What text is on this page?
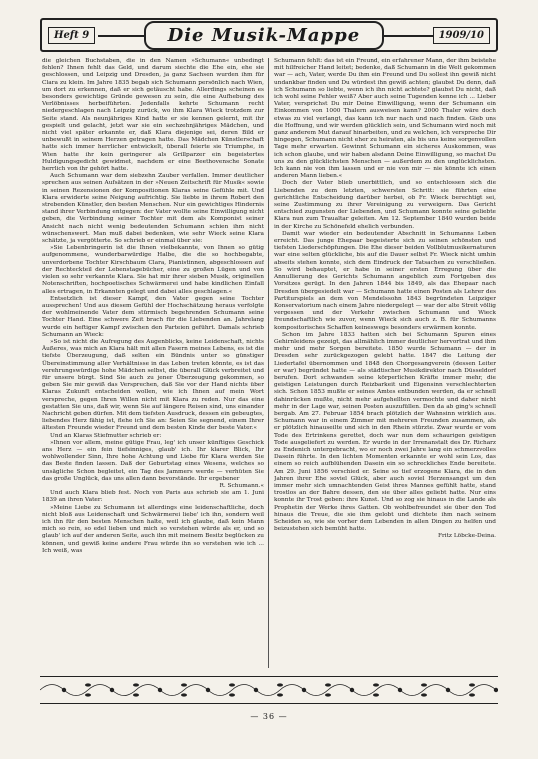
Heft 9	Die Musik-Mappe	1909/10

die gleichen Buchstaben, die in den Namen »Schumann« unbedingt fehlen? Ihnen fehlt das Geld, und darum siechte die Ehe ein, ehe sie geschlossen, und Leipzig und Dresden, ja ganz Sachsen wurden ihm für Clara zu klein. Im Jahre 1835 begab sich Schumann persönlich nach Wien, um dort zu erkennen, daß er sich getäuscht habe. Allerdings scheinen es besonders gewichtige Gründe gewesen zu sein, die eine Aufhebung des Verlöbnisses herbeiführten. Jedenfalls kehrte Schumann recht niedergeschlagen nach Leipzig zurück, wo ihm Klara Wieck trotzdem zur Seite stand. Als neunjähriges Kind hatte er sie kennen gelernt, mit ihr gespielt und gelacht, jetzt war sie ein sechzehnjähriges Mädchen, und nicht viel später erkannte er, daß Klara diejenige sei, deren Bild er unbewußt in seinem Herzen getragen hatte. Das Mädchen Künstlerschaft hatte sich immer herrlicher entwickelt, überall feierte sie Triumphe, in Wien hatte ihr kein geringerer als Grillparzer ein begeistertes Huldigungsgedicht gewidmet, nachdem er eine Beethovensche Sonate herrlich von ihr gehört hatte.

Auch Schumann war dem siebzehn Zauber verfallen. Immer deutlicher sprechen aus seinen Aufsätzen in der »Neuen Zeitschrift für Musik« sowie in seinen Rezensionen der Kompositionen Klaras seine Gefühle mit. Und Klara erwiderte seine Neigung aufrichtig. Sie liebte in ihrem Robert den strebenden Künstler, den besten Menschen. Nur ein gewichtiges Hindernis stand ihrer Verbindung entgegen: der Vater wollte seine Einwilligung nicht geben, die Verbindung seiner Tochter mit dem als Komponist seiner Ansicht nach nicht wenig bedeutenden Schumann schien ihm nicht wünschenswert. Man muß dabei bedenken, wie sehr Wieck seine Klara schätzte, ja vergötterte. So schrieb er einmal über sie:

»Sie Lebenbringerin ist die Ihnen vielbekannte, von Ihnen so gütig aufgenommene, wunderbarwürdige Halbe, die die so hochbegabte, unverdorbene Tochter Kirschbaum Clara, Pianistinnen, abgeschlossen auf der Rechteckteil der Lebenstagebücher, eine zu großen Lügen und von vielen so sehr verkannte Klara. Sie hat mir ihrer sieben Musik, originellen Notenschriften, hochpoetisches Schwärmerei und habe kindlichen Einfall alles ertragen, in Erkannten gelegt und dabei alles geschlagen.«

Entsetzlich ist dieser Kampf, den Vater gegen seine Tochter aussprechen! Und aus diesem Gefühl der Hochschätzung heraus verfolgte der wohlmeinende Vater dem stürmisch begehrenden Schumann seine Tochter Hand. Eine schwere Zeit brach für die Liebenden an. Jahrelang wurde ein heftiger Kampf zwischen den Parteien geführt. Damals schrieb Schumann an Wieck:

»So ist nicht die Aufregung des Augenblicks, keine Leidenschaft, nichts Äußeres, was mich an Klara hält mit allen Fasern meines Lebens, es ist die tiefste Überzeugung, daß selten ein Bündnis unter so günstiger Übereinstimmung aller Verhältnisse in das Leben treten könnte, es ist das verehrungswürdige hohe Mädchen selbst, die überall Glück verbreitet und für unsere bürgt. Sind Sie auch zu jener Überzeugung gekommen, so geben Sie mir gewiß das Versprechen, daß Sie vor der Hand nichts über Klaras Zukunft entscheiden wollen, wie ich Ihnen auf mein Wort verspreche, gegen Ihren Willen nicht mit Klara zu reden. Nur das eine gestatten Sie uns, daß wir, wenn Sie auf längere Reisen sind, uns einander Nachricht geben dürfen. Mit dem tiefsten Ausdruck, dessen ein gebeugtes, liebendes Herz fähig ist, flehe ich Sie an: Seien Sie segnend, einem Ihrer ältesten Freunde wieder Freund und dem besten Kinde der beste Vater.«

Und an Klaras Stiefmutter schrieb er:

»Ihnen vor allem, meine gütige Frau, leg' ich unser künftiges Geschick ans Herz — ein fein tiefsinniges, glaub' ich. Ihr klarer Blick, Ihr wohlwollender Sinn, Ihre hohe Achtung und Liebe für Klara werden Sie das Beste finden lassen. Daß der Geburtstag eines Wesens, welches so unsägliche Schon begleitet, ein Tag des Jammers werde — verhüten Sie das große Unglück, das uns allen dann bevorstände. Ihr ergebener

R. Schumann.«

Und auch Klara blieb fest. Noch von Paris aus schrieb sie am 1. Juni 1839 an ihren Vater:

»Meine Liebe zu Schumann ist allerdings eine leidenschaftliche, doch nicht bloß aus Leidenschaft und Schwärmerei liebe' ich ihn, sondern weil ich ihn für den besten Menschen halte, weil ich glaube, daß kein Mann mich so rein, so edel lieben und mich so verstehen würde als er, und so glaub' ich auf der anderen Seite, auch ihn mit meinem Besitz beglücken zu können, und gewiß keine andere Frau würde ihn so verstehen wie ich ... Ich weiß, was

Schumann fehlt: das ist ein Freund, ein erfahrener Mann, der ihm beistehe mit hilfreicher Hand leitet; bedenke, daß Schumann in die Welt gekommen war — ach, Vater, werde Du ihm ein Freund und Du sollest ihn gewiß nicht undankbar finden und Du würdest ihn gewiß achten; glaubst Du denn, daß ich Schumann so liebte, wenn ich ihn nicht achtete? glaubst Du nicht, daß ich wohl seine Fehler weiß? Aber auch seine Tugenden kenne ich ... Lieber Vater, versprichst Du mir Deine Einwilligung, wenn der Schumann ein Einkommen von 1000 Thalern ausweisen kann? 2000 Thaler wäre doch etwas zu viel verlangt, das kann ich nur nach und nach finden. Gieb uns die Hoffnung, und wir werden glücklich sein, und Schumann wird noch mit ganz anderem Mut darauf hinarbeiten, und zu welchen, ich verspreche Dir hingegen, Schumann nicht eher zu heiraten, als bis uns keine sorgenvollen Tage mehr erwarten. Gewinnt Schumann ein sicheres Auskommen, was ich schon glaube, und wir haben alsdann Deine Einwilligung, so machst Du uns zu den glücklichsten Menschen — außerdem zu den unglücklichsten. Ich kann nie von ihm lassen und er nie von mir — nie könnte ich einen anderen Mann lieben.«

Doch der Vater blieb unerbittlich, und so entschlossen sich die Liebenden zu dem letzten, schwersten Schritt: sie führten eine gerichtliche Entscheidung darüber herbei, ob Fr. Wieck berechtigt sei, seine Zustimmung zu ihrer Vereinigung zu verweigern. Das Gericht entschied zugunsten der Liebenden, und Schumann konnte seine geliebte Klara nun zum Traualtar geleiten. Am 12. September 1840 wurden beide in der Kirche zu Schönefeld ehelich verbunden.

Damit war wieder ein bedeutender Abschnitt in Schumanns Leben erreicht. Das junge Ehepaar begeisterte sich zu seinen schönsten und tiefsten Liederschöpfungen. Die Ehe dieser beiden Vollblutmusikernaturen war eine selten glückliche, bis auf die Dauer selbst Fr. Wieck nicht umhin abseits stehen konnte, sich dem Eindruck der Tatsachen zu verschließen. So wird behauptet, er habe in seiner ersten Erregung über die Annullierung des Gerichts Schumann angeblich zum Fortgeben des Vorsitzes gerügt. In den Jahren 1844 bis 1849, als das Ehepaar nach Dresden übergesiedelt war — Schumann hatte einen Posten als Lehrer des Partiturspiels an dem von Mendelssohn 1843 begründeten Leipziger Konservatorium nach einem Jahre niedergelegt — war der alte Streit völlig vergessen und der Verkehr zwischen Schumann und Wieck freundschaftlich wie zuvor, wenn Wieck sich auch z. B. für Schumanns kompositorisches Schaffen keineswegs besonders erwärmen konnte.

Schon im Jahre 1833 hatten sich bei Schumann Spuren eines Gehirnleidens gezeigt, das allmählich immer deutlicher hervortrat und ihm mehr und mehr Sorgen bereitete. 1850 wurde Schumann — der in Dresden sehr zurückgezogen gelebt hatte. 1847 die Leitung der Liedertafel übernommen und 1848 den Chorgesangverein (dessen Leiter er war) begründet hatte — als städtischer Musikdirektor nach Düsseldorf berufen. Dort schwanden seine körperlichen Kräfte immer mehr, die geistigen Leistungen durch Reizbarkeit und Eigensinn verschlechterten sich. Schon 1853 mußte er seines Amtes entbunden werden, da er schnell dahinrücken mußte, nicht mehr aufgehellten vermochte und daher nicht mehr in der Lage war, seinen Posten auszufüllen. Den da ab ging's schnell bergab. Am 27. Februar 1854 brach plötzlich der Wahnsinn wirklich aus. Schumann war in einem Zimmer mit mehreren Freunden zusammen, als er plötzlich hinauseilte und sich in den Rhein stürzte. Zwar wurde er vom Tode des Ertrinkens gerettet, doch war nun dem schaurigen geistigen Tode ausgeliefert zu werden. Er wurde in der Irrenanstalt des Dr. Richarz zu Endenich untergebracht, wo er noch zwei Jahre lang ein schmerzvolles Dasein führte. In den lichten Momenten erkannte er wohl sein Los, das einem so reich aufblühenden Dasein ein so schreckliches Ende bereitete. Am 29. Juni 1856 verschied er. Seine so tief erzogene Klara, die in den Jahren ihrer Ehe soviel Glück, aber auch soviel Herzensangst um den immer mehr sich umnachtenden Geist ihres Mannes gefühlt hatte, stand trostlos an der Bahre dessen, den sie über alles geliebt hatte. Nur eins konnte ihr Trost geben: ihre Kunst. Und so zog sie hinaus in die Lande als Prophetin der Werke ihres Gatten. Ob wohlbefreundet sie über den Tod hinaus die Treue, die sie ihm gelobt und dichtete ihm nach seinem Scheiden so, wie sie vorher dem Lebenden in allen Dingen zu helfen und beizustehen sich bemüht hatte.

Fritz Löbcke-Deina.

— 36 —
